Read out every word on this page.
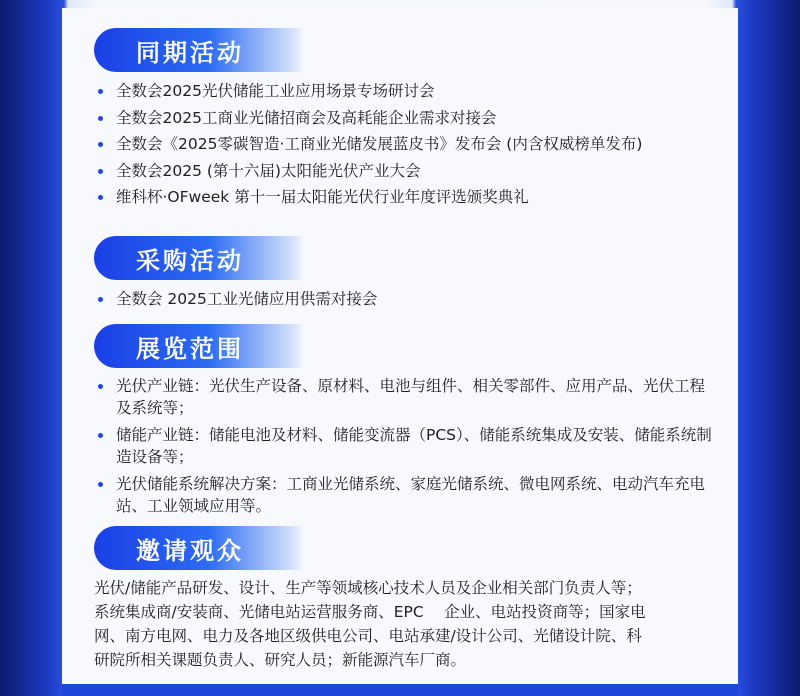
同期活动
全数会2025光伏储能工业应用场景专场研讨会
全数会2025工商业光储招商会及高耗能企业需求对接会
全数会《2025零碳智造·工商业光储发展蓝皮书》发布会 (内含权威榜单发布)
全数会2025 (第十六届)太阳能光伏产业大会
维科杯·OFweek 第十一届太阳能光伏行业年度评选颁奖典礼
采购活动
全数会 2025工业光储应用供需对接会
展览范围
光伏产业链：光伏生产设备、原材料、电池与组件、相关零部件、应用产品、光伏工程及系统等；
储能产业链：储能电池及材料、储能变流器（PCS）、储能系统集成及安装、储能系统制造设备等；
光伏储能系统解决方案：工商业光储系统、家庭光储系统、微电网系统、电动汽车充电站、工业领域应用等。
邀请观众

光伏/储能产品研发、设计、生产等领域核心技术人员及企业相关部门负责人等；

系统集成商/安装商、光储电站运营服务商、EPC　 企业、电站投资商等；国家电

网、南方电网、电力及各地区级供电公司、电站承建/设计公司、光储设计院、科

研院所相关课题负责人、研究人员；新能源汽车厂商。
